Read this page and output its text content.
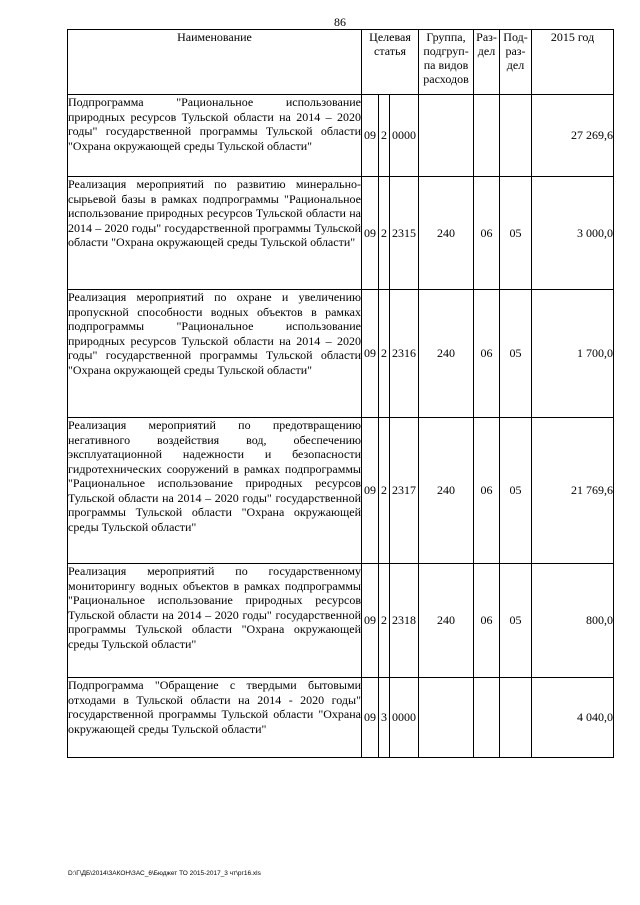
86
Наименование	Целевая статья			Группа, подгруп-па видов расходов	Раз-дел	Под-раз-дел	2015 год
Подпрограмма "Рациональное использование природных ресурсов Тульской области на 2014 – 2020 годы" государственной программы Тульской области "Охрана окружающей среды Тульской области"	09	2	0000				27 269,6
Реализация мероприятий по развитию минерально-сырьевой базы в рамках подпрограммы "Рациональное использование природных ресурсов Тульской области на 2014 – 2020 годы" государственной программы Тульской области "Охрана окружающей среды Тульской области"	09	2	2315	240	06	05	3 000,0
Реализация мероприятий по охране и увеличению пропускной способности водных объектов в рамках подпрограммы "Рациональное использование природных ресурсов Тульской области на 2014 – 2020 годы" государственной программы Тульской области "Охрана окружающей среды Тульской области"	09	2	2316	240	06	05	1 700,0
Реализация мероприятий по предотвращению негативного воздействия вод, обеспечению эксплуатационной надежности и безопасности гидротехнических сооружений в рамках подпрограммы "Рациональное использование природных ресурсов Тульской области на 2014 – 2020 годы" государственной программы Тульской области "Охрана окружающей среды Тульской области"	09	2	2317	240	06	05	21 769,6
Реализация мероприятий по государственному мониторингу водных объектов в рамках подпрограммы "Рациональное использование природных ресурсов Тульской области на 2014 – 2020 годы" государственной программы Тульской области "Охрана окружающей среды Тульской области"	09	2	2318	240	06	05	800,0
Подпрограмма "Обращение с твердыми бытовыми отходами в Тульской области на 2014 - 2020 годы" государственной программы Тульской области "Охрана окружающей среды Тульской области"	09	3	0000				4 040,0
D:\Г\ДБ\2014\ЗАКОН\ЗАС_6\Бюджет ТО 2015-2017_3 чт\рг16.xls
